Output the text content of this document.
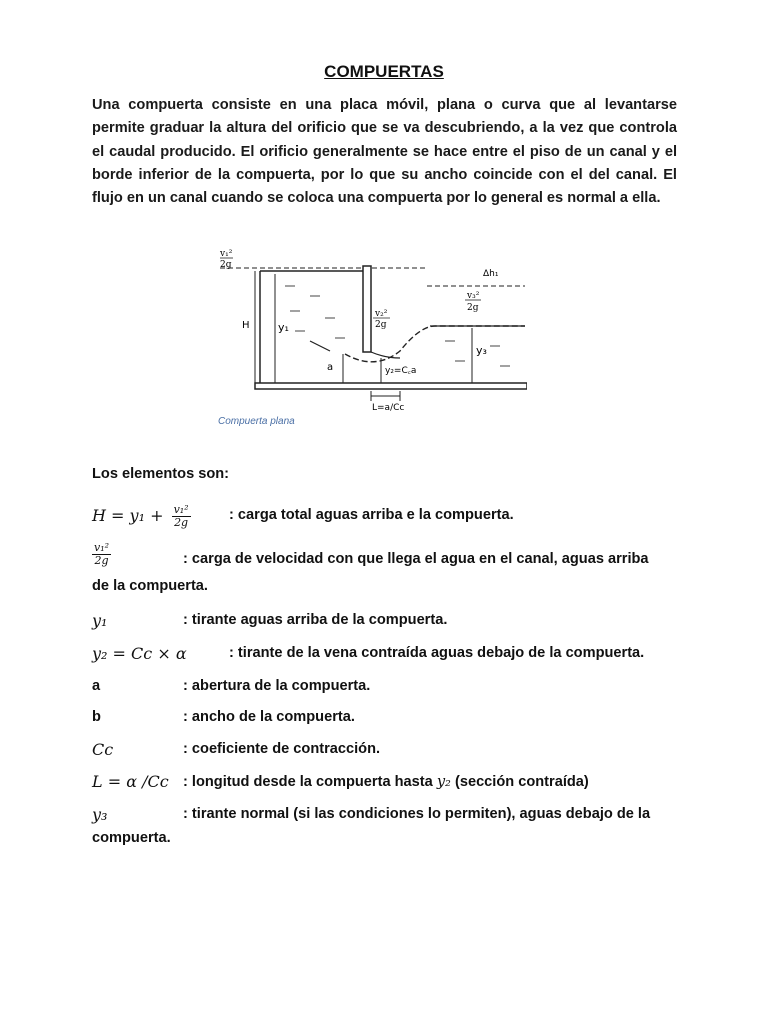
COMPUERTAS
Una compuerta consiste en una placa móvil, plana o curva que al levantarse permite graduar la altura del orificio que se va descubriendo, a la vez que controla el caudal producido. El orificio generalmente se hace entre el piso de un canal y el borde inferior de la compuerta, por lo que su ancho coincide con el del canal. El flujo en un canal cuando se coloca una compuerta por lo general es normal a ella.
v₁²
2g
H	y₁
v₂²
2g
a	y₂=C꜀a
L=a/Cc
Δh₁
v₃²
2g
y₃
Compuerta plana
Los elementos son:
$H = y_1 + \frac{\text{v₁²}}{2g}$	: carga total aguas arriba e la compuerta.
$\frac{\text{v₁²}}{2g}$	: carga de velocidad con que llega el agua en el canal, aguas arriba
de la compuerta.
y₁	: tirante aguas arriba de la compuerta.
y₂ = Cc × α	: tirante de la vena contraída aguas debajo de la compuerta.
a	: abertura de la compuerta.
b	: ancho de la compuerta.
Cc	: coeficiente de contracción.
L = α /Cc : longitud desde la compuerta hasta y₂ (sección contraída)
y₃	: tirante normal (si las condiciones lo permiten), aguas debajo de la
compuerta.
